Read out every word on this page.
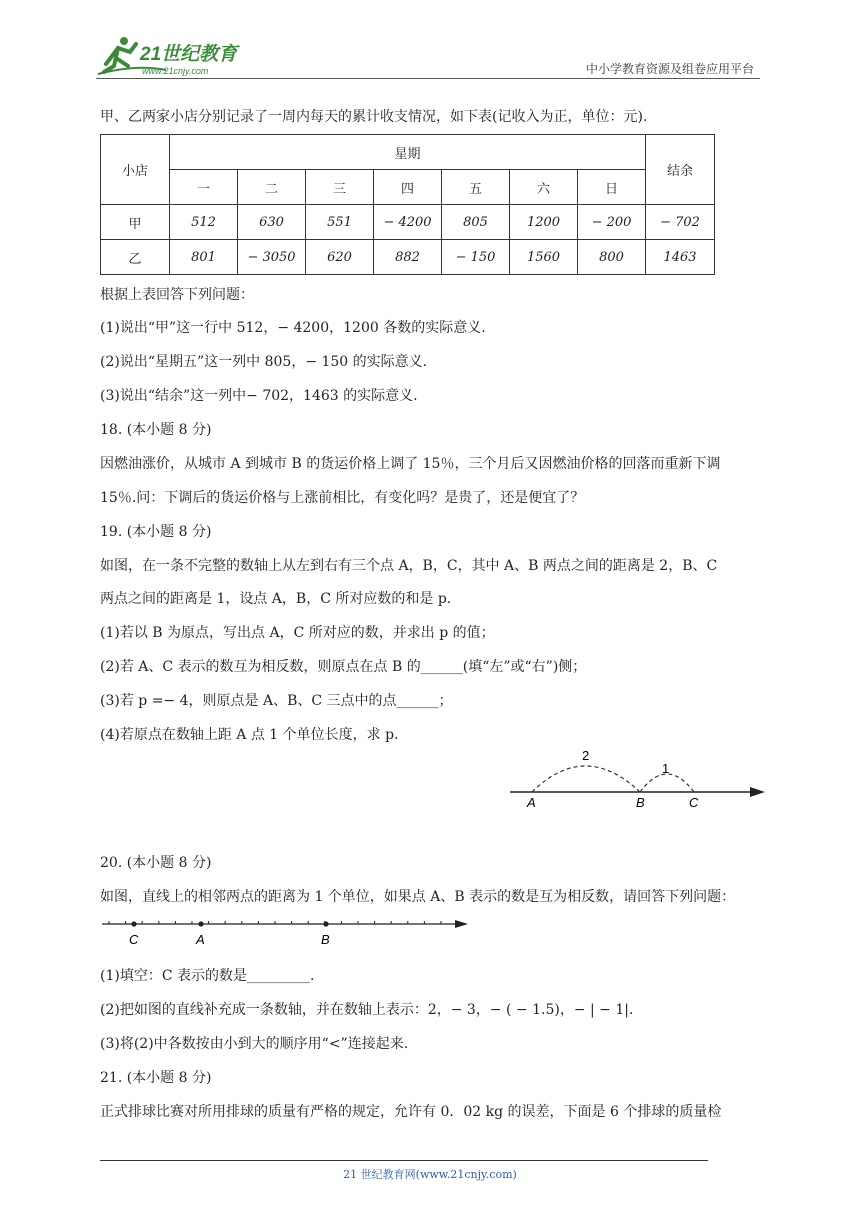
21世纪教育
www.21cnjy.com	中小学教育资源及组卷应用平台
甲、乙两家小店分别记录了一周内每天的累计收支情况，如下表(记收入为正，单位：元).
小店	星期							结余
	一	二	三	四	五	六	日	
甲	512	630	551	− 4200	805	1200	− 200	− 702
乙	801	− 3050	620	882	− 150	1560	800	1463
根据上表回答下列问题：
(1)说出“甲”这一行中 512，− 4200，1200 各数的实际意义.
(2)说出“星期五”这一列中 805，− 150 的实际意义.
(3)说出“结余”这一列中− 702，1463 的实际意义.
18. (本小题 8 分)
因燃油涨价，从城市 A 到城市 B 的货运价格上调了 15％，三个月后又因燃油价格的回落而重新下调
15％.问：下调后的货运价格与上涨前相比，有变化吗？是贵了，还是便宜了？
19. (本小题 8 分)
如图，在一条不完整的数轴上从左到右有三个点 A，B，C，其中 A、B 两点之间的距离是 2，B、C
两点之间的距离是 1，设点 A，B，C 所对应数的和是 p.
(1)若以 B 为原点，写出点 A，C 所对应的数，并求出 p 的值；
(2)若 A、C 表示的数互为相反数，则原点在点 B 的______(填“左”或“右”)侧；
(3)若 p =− 4，则原点是 A、B、C 三点中的点______；
(4)若原点在数轴上距 A 点 1 个单位长度，求 p.
2
1
A	B	C
20. (本小题 8 分)
如图，直线上的相邻两点的距离为 1 个单位，如果点 A、B 表示的数是互为相反数，请回答下列问题：
C	A	B
(1)填空：C 表示的数是_________.
(2)把如图的直线补充成一条数轴，并在数轴上表示：2，− 3，− ( − 1.5)，− | − 1|.
(3)将(2)中各数按由小到大的顺序用“<”连接起来.
21. (本小题 8 分)
正式排球比赛对所用排球的质量有严格的规定，允许有 0．02 kg 的误差，下面是 6 个排球的质量检
21 世纪教育网(www.21cnjy.com)
